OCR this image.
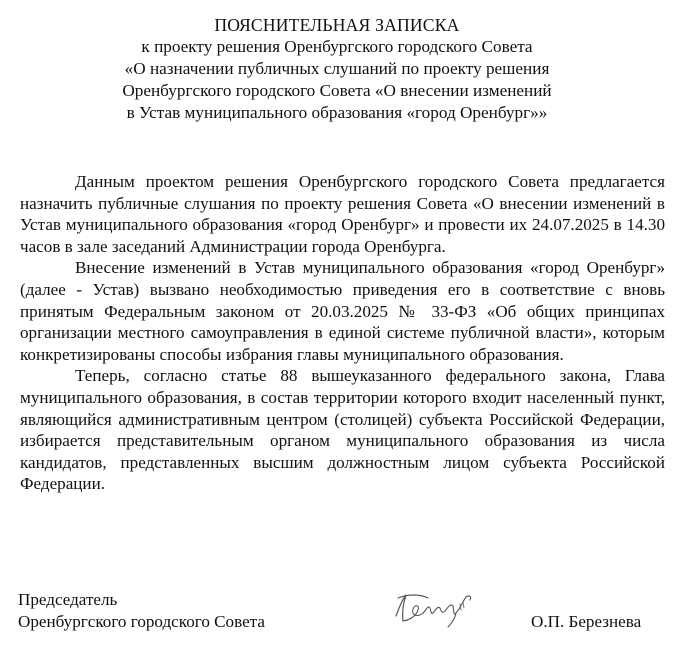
ПОЯСНИТЕЛЬНАЯ ЗАПИСКА
к проекту решения Оренбургского городского Совета
«О назначении публичных слушаний по проекту решения
Оренбургского городского Совета «О внесении изменений
в Устав муниципального образования «город Оренбург»»

Данным проектом решения Оренбургского городского Совета предлагается назначить публичные слушания по проекту решения Совета «О внесении изменений в Устав муниципального образования «город Оренбург» и провести их 24.07.2025 в 14.30 часов в зале заседаний Администрации города Оренбурга.

Внесение изменений в Устав муниципального образования «город Оренбург» (далее - Устав) вызвано необходимостью приведения его в соответствие с вновь принятым Федеральным законом от 20.03.2025 № 33-ФЗ «Об общих принципах организации местного самоуправления в единой системе публичной власти», которым конкретизированы способы избрания главы муниципального образования.

Теперь, согласно статье 88 вышеуказанного федерального закона, Глава муниципального образования, в состав территории которого входит населенный пункт, являющийся административным центром (столицей) субъекта Российской Федерации, избирается представительным органом муниципального образования из числа кандидатов, представленных высшим должностным лицом субъекта Российской Федерации.

Председатель
Оренбургского городского Совета	О.П. Березнева
